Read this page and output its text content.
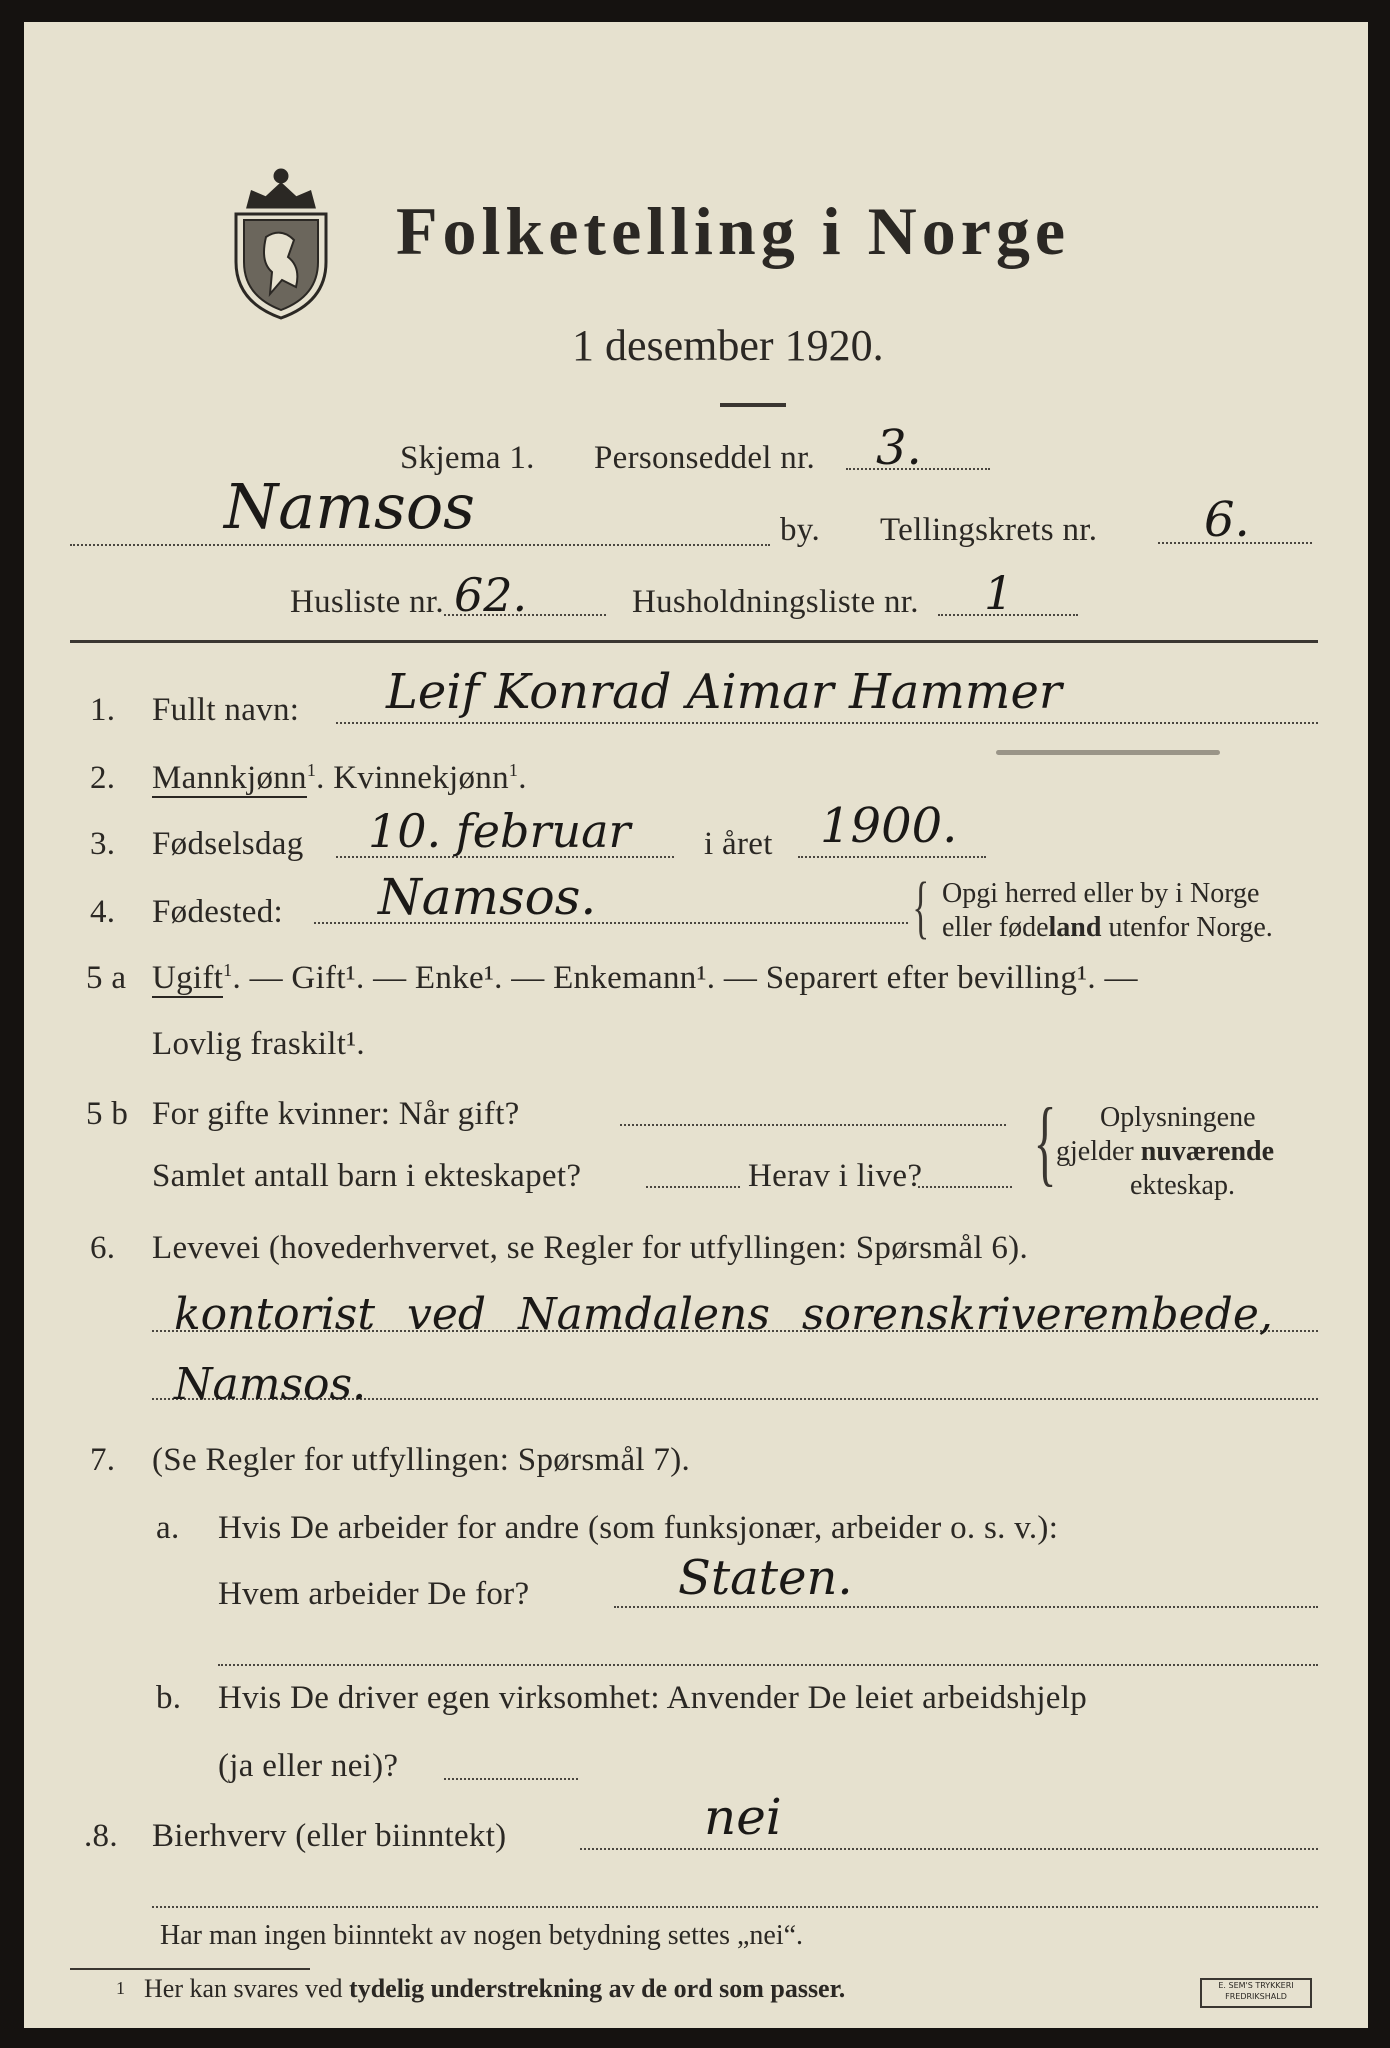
Folketelling i Norge
1 desember 1920.
Skjema 1. Personseddel nr. 3.
Namsos	by. Tellingskrets nr. 6.
Husliste nr. 62.	Husholdningsliste nr. 1
1. Fullt navn: Leif Konrad Aimar Hammer
2. Mannkjønn$^1$. Kvinnekjønn$^1$.
3. Fødselsdag 10. februar i året 1900.
4. Fødested: Namsos.	{ Opgi herred eller by i Norge
eller fødeland utenfor Norge.
5 a Ugift$^1$. — Gift¹. — Enke¹. — Enkemann¹. — Separert efter bevilling¹. —
Lovlig fraskilt¹.
5 b For gifte kvinner: Når gift?
Samlet antall barn i ekteskapet?	Herav i live? { Oplysningene
gjelder nuværende
ekteskap.
6. Levevei (hovederhvervet, se Regler for utfyllingen: Spørsmål 6).
kontorist ved Namdalens sorenskriverembede, Namsos.
7. (Se Regler for utfyllingen: Spørsmål 7).
a. Hvis De arbeider for andre (som funksjonær, arbeider o. s. v.):
Hvem arbeider De for?	Staten.
b. Hvis De driver egen virksomhet: Anvender De leiet arbeidshjelp
(ja eller nei)?
.8. Bierhverv (eller biinntekt)	nei
Har man ingen biinntekt av nogen betydning settes „nei“.
1 Her kan svares ved tydelig understrekning av de ord som passer.	E. SEM'S TRYKKERI FREDRIKSHALD
